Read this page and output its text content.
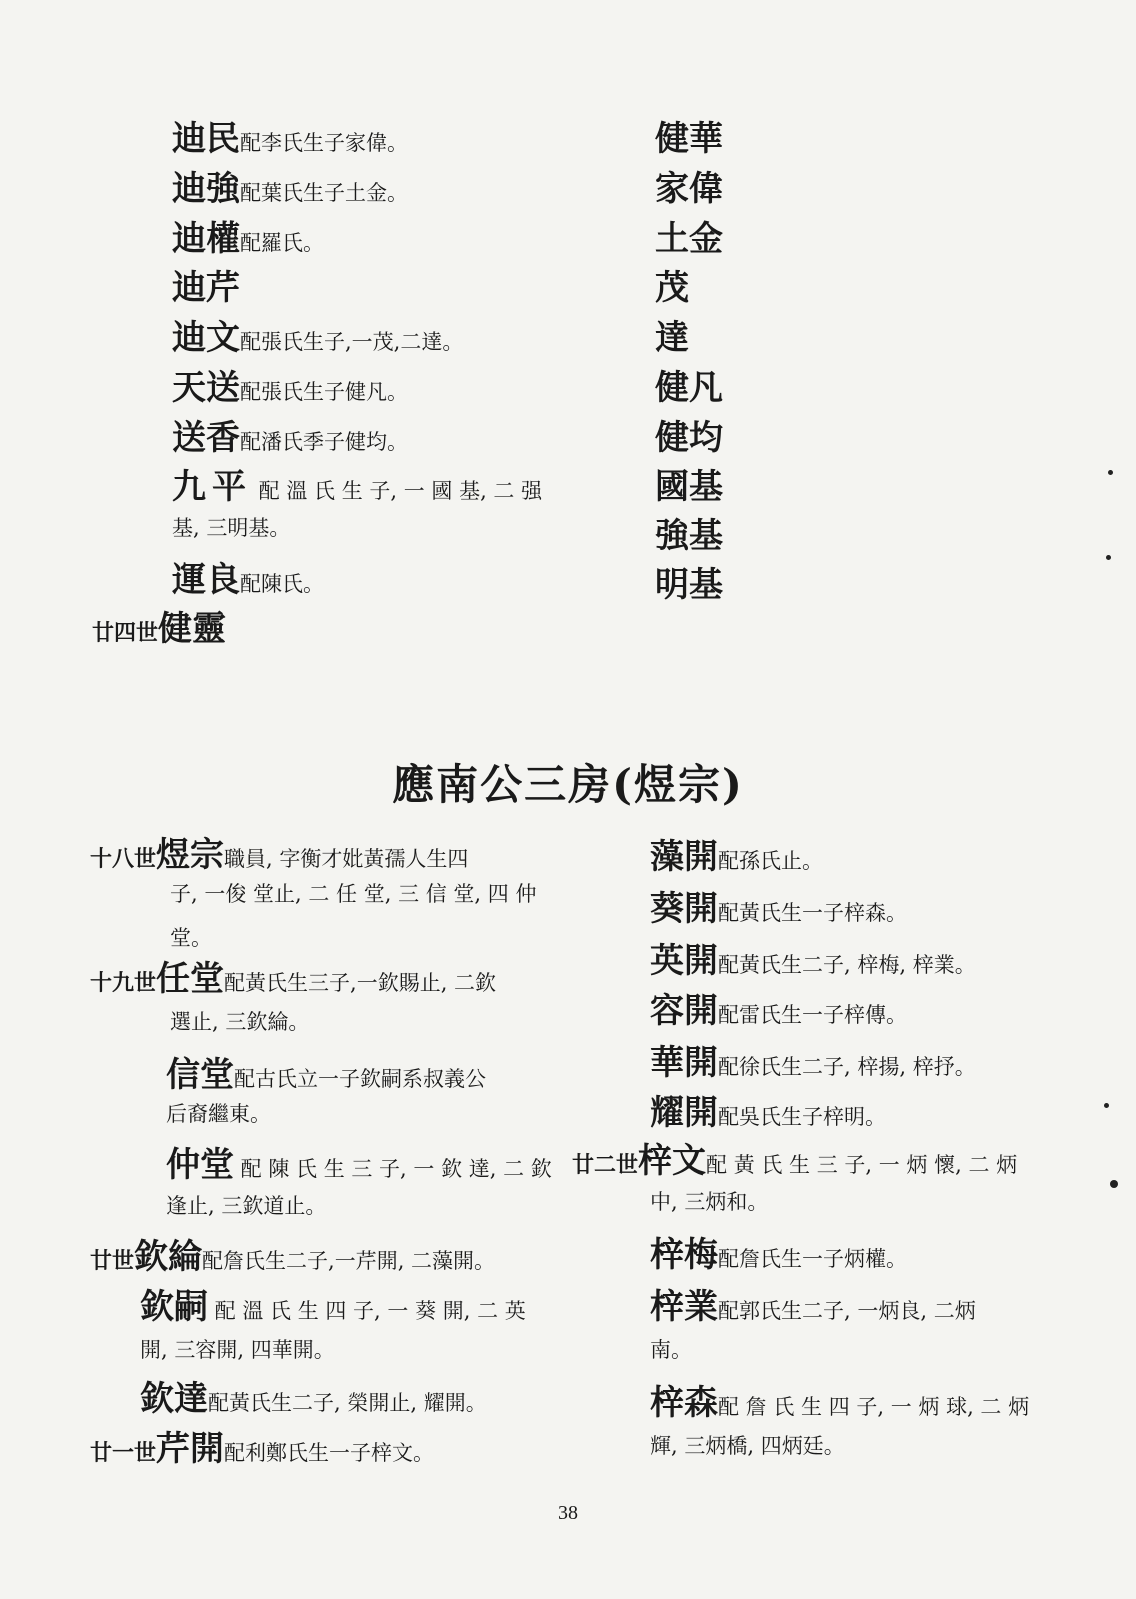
迪民配李氏生子家偉。
迪強配葉氏生子土金。
迪權配羅氏。
迪芹
迪文配張氏生子,一茂,二達。
天送配張氏生子健凡。
送香配潘氏季子健均。
九平 配 溫 氏 生 子, 一 國 基, 二 强
基, 三明基。
運良配陳氏。
廿四世健靈
健華
家偉
土金
茂
達
健凡
健均
國基
強基
明基
應南公三房(煜宗)
十八世煜宗職員, 字衡才妣黃孺人生四
子, 一俊 堂止, 二 任 堂, 三 信 堂, 四 仲
堂。
十九世任堂配黃氏生三子,一欽賜止, 二欽
選止, 三欽綸。
信堂配古氏立一子欽嗣系叔義公
后裔繼東。
仲堂 配 陳 氏 生 三 子, 一 欽 達, 二 欽
逢止, 三欽道止。
廿世欽綸配詹氏生二子,一芹開, 二藻開。
欽嗣 配 溫 氏 生 四 子, 一 葵 開, 二 英
開, 三容開, 四華開。
欽達配黃氏生二子, 榮開止, 耀開。
廿一世芹開配利鄭氏生一子梓文。
藻開配孫氏止。
葵開配黃氏生一子梓森。
英開配黃氏生二子, 梓梅, 梓業。
容開配雷氏生一子梓傳。
華開配徐氏生二子, 梓揚, 梓抒。
耀開配吳氏生子梓明。
廿二世梓文配 黃 氏 生 三 子, 一 炳 懷, 二 炳
中, 三炳和。
梓梅配詹氏生一子炳權。
梓業配郭氏生二子, 一炳良, 二炳
南。
梓森配 詹 氏 生 四 子, 一 炳 球, 二 炳
輝, 三炳橋, 四炳廷。
38
